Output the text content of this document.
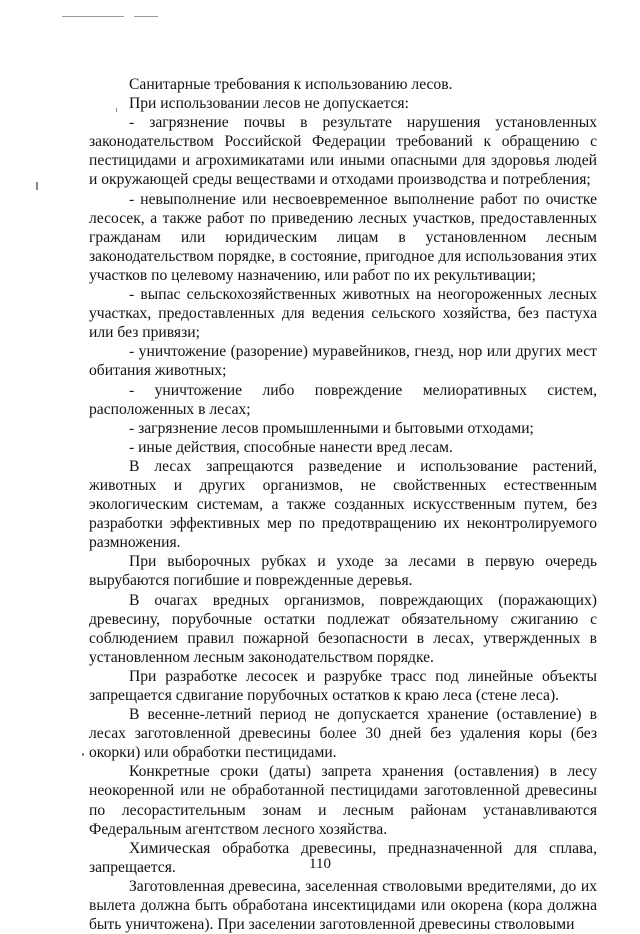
Санитарные требования к использованию лесов.

При использовании лесов не допускается:

- загрязнение почвы в результате нарушения установленных законодательством Российской Федерации требований к обращению с пестицидами и агрохимикатами или иными опасными для здоровья людей и окружающей среды веществами и отходами производства и потребления;

- невыполнение или несвоевременное выполнение работ по очистке лесосек, а также работ по приведению лесных участков, предоставленных гражданам или юридическим лицам в установленном лесным законодательством порядке, в состояние, пригодное для использования этих участков по целевому назначению, или работ по их рекультивации;

- выпас сельскохозяйственных животных на неогороженных лесных участках, предоставленных для ведения сельского хозяйства, без пастуха или без привязи;

- уничтожение (разорение) муравейников, гнезд, нор или других мест обитания животных;

- уничтожение либо повреждение мелиоративных систем, расположенных в лесах;

- загрязнение лесов промышленными и бытовыми отходами;

- иные действия, способные нанести вред лесам.

В лесах запрещаются разведение и использование растений, животных и других организмов, не свойственных естественным экологическим системам, а также созданных искусственным путем, без разработки эффективных мер по предотвращению их неконтролируемого размножения.

При выборочных рубках и уходе за лесами в первую очередь вырубаются погибшие и поврежденные деревья.

В очагах вредных организмов, повреждающих (поражающих) древесину, порубочные остатки подлежат обязательному сжиганию с соблюдением правил пожарной безопасности в лесах, утвержденных в установленном лесным законодательством порядке.

При разработке лесосек и разрубке трасс под линейные объекты запрещается сдвигание порубочных остатков к краю леса (стене леса).

В весенне-летний период не допускается хранение (оставление) в лесах заготовленной древесины более 30 дней без удаления коры (без окорки) или обработки пестицидами.

Конкретные сроки (даты) запрета хранения (оставления) в лесу неокоренной или не обработанной пестицидами заготовленной древесины по лесорастительным зонам и лесным районам устанавливаются Федеральным агентством лесного хозяйства.

Химическая обработка древесины, предназначенной для сплава, запрещается.

Заготовленная древесина, заселенная стволовыми вредителями, до их вылета должна быть обработана инсектицидами или окорена (кора должна быть уничтожена). При заселении заготовленной древесины стволовыми

110
